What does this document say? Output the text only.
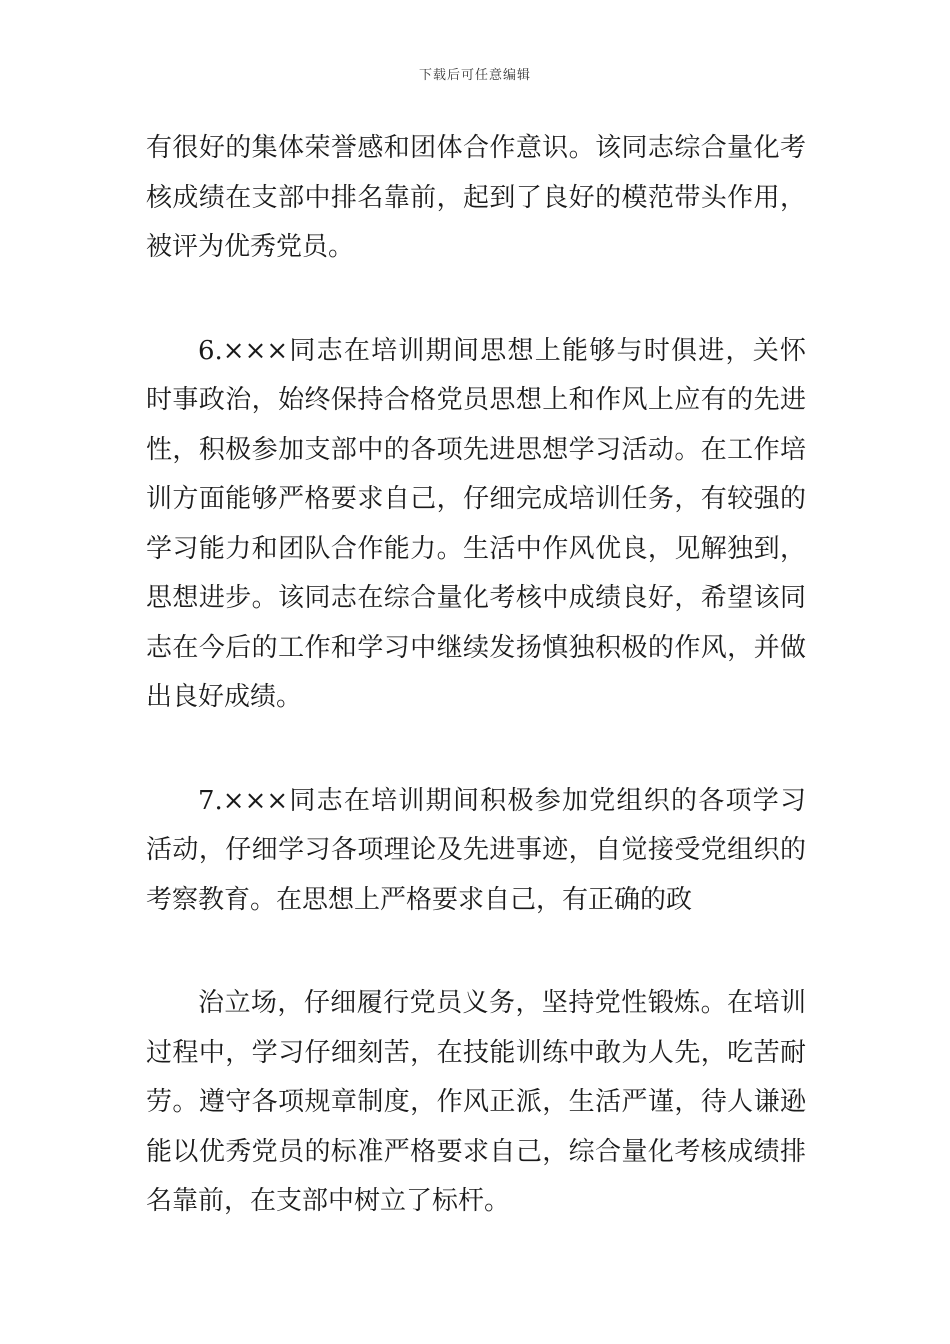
下载后可任意编辑

有很好的集体荣誉感和团体合作意识。该同志综合量化考核成绩在支部中排名靠前，起到了良好的模范带头作用，被评为优秀党员。

6.×××同志在培训期间思想上能够与时俱进，关怀时事政治，始终保持合格党员思想上和作风上应有的先进性，积极参加支部中的各项先进思想学习活动。在工作培训方面能够严格要求自己，仔细完成培训任务，有较强的学习能力和团队合作能力。生活中作风优良，见解独到，思想进步。该同志在综合量化考核中成绩良好，希望该同志在今后的工作和学习中继续发扬慎独积极的作风，并做出良好成绩。

7.×××同志在培训期间积极参加党组织的各项学习活动，仔细学习各项理论及先进事迹，自觉接受党组织的考察教育。在思想上严格要求自己，有正确的政

治立场，仔细履行党员义务，坚持党性锻炼。在培训过程中，学习仔细刻苦，在技能训练中敢为人先，吃苦耐劳。遵守各项规章制度，作风正派，生活严谨，待人谦逊能以优秀党员的标准严格要求自己，综合量化考核成绩排名靠前，在支部中树立了标杆。
